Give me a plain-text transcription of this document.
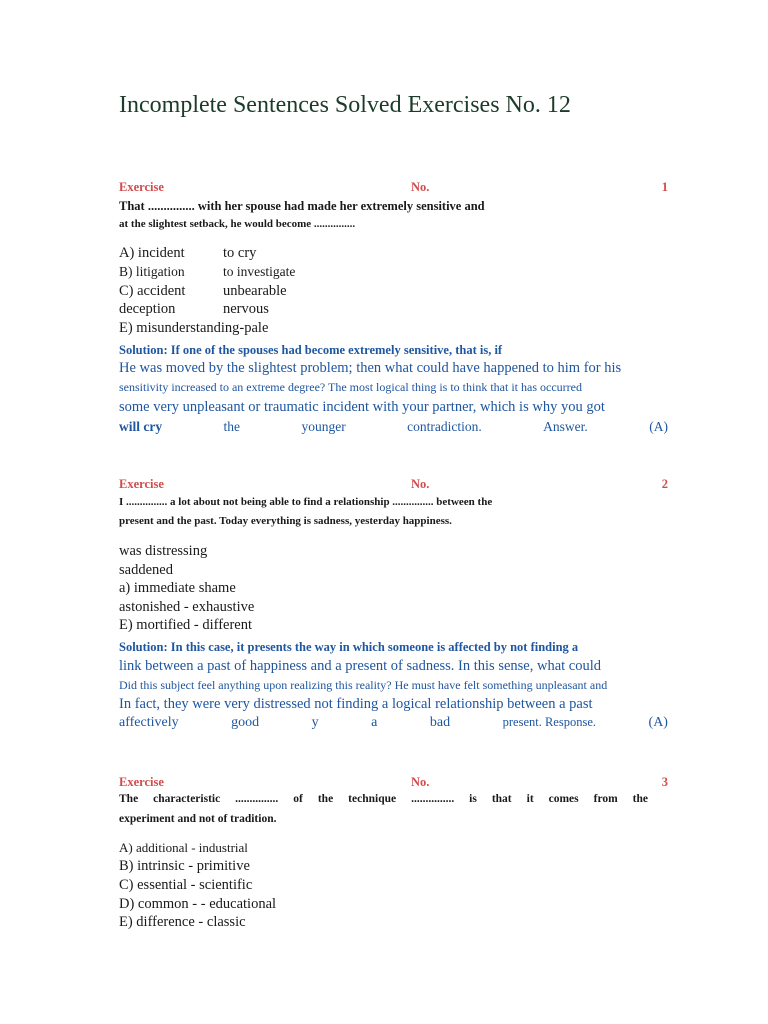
Incomplete Sentences Solved Exercises No. 12
Exercise	No.	1
That ............... with her spouse had made her extremely sensitive and
at the slightest setback, he would become ...............
A) incident	to cry
B) litigation	to investigate
C) accident	unbearable
deception	nervous
E) misunderstanding-pale
Solution: If one of the spouses had become extremely sensitive, that is, if
He was moved by the slightest problem; then what could have happened to him for his
sensitivity increased to an extreme degree? The most logical thing is to think that it has occurred
some very unpleasant or traumatic incident with your partner, which is why you got
will cry	the	younger	contradiction.	Answer.	(A)
Exercise	No.	2
I ............... a lot about not being able to find a relationship ............... between the
present and the past. Today everything is sadness, yesterday happiness.
was distressing
saddened
a) immediate shame
astonished - exhaustive
E) mortified - different
Solution: In this case, it presents the way in which someone is affected by not finding a
link between a past of happiness and a present of sadness. In this sense, what could
Did this subject feel anything upon realizing this reality? He must have felt something unpleasant and
In fact, they were very distressed not finding a logical relationship between a past
affectively	good	y	a	bad	present. Response.	(A)
Exercise	No.	3
The characteristic ............... of the technique ............... is that it comes from the
experiment and not of tradition.
A) additional - industrial
B) intrinsic - primitive
C) essential - scientific
D) common - - educational
E) difference - classic
